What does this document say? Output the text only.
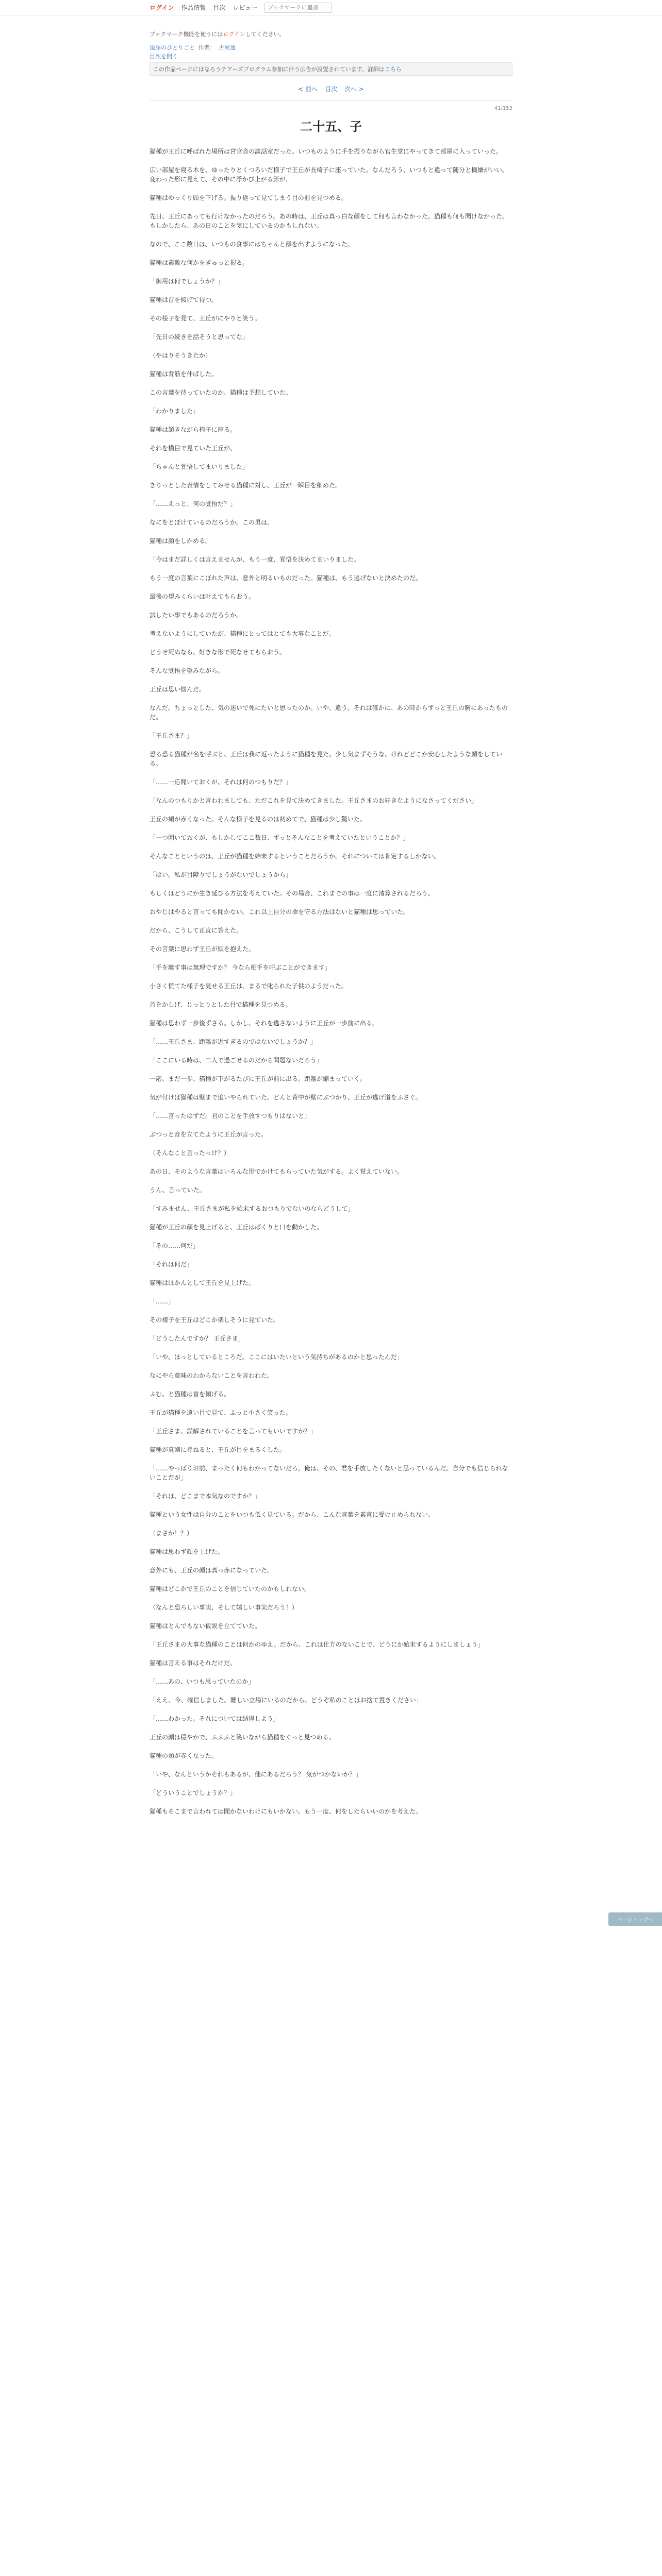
ログイン 作品情報 目次 レビュー
ブックマークに追加
ブックマーク機能を使うにはログインしてください。
退屈のひとりごと 作者： 古河透
目次を開く
この作品ページにはなろうチアーズプログラム参加に伴う広告が設置されています。詳細はこちら
< 前へ 目次 次へ >
41/153
二十五、子

猫種が王丘に呼ばれた場所は宮官舎の談話室だった。いつものように手を振りながら官生堂にやってきて部屋に入っていった。

広い部屋を寝る木を、ゆったりとくつろいだ様子で王丘が長椅子に座っていた。なんだろう、いつもと違って随分と機嫌がいい。変わった形に見えて、その中に浮かび上がる影が、

猫種はゆっくり頭を下げる。振り返って見てしまう目の前を見つめる。

先日、王丘にあっても行けなかったのだろう。あの時は、王丘は真っ白な顔をして何も言わなかった。猫種も何も聞けなかった。もしかしたら、あの日のことを気にしているのかもしれない。

なので、ここ数日は、いつもの食事にはちゃんと顔を出すようになった。

猫種は素敵な何かをぎゅっと握る。

「御用は何でしょうか？」

猫種は首を傾げて待つ。

その様子を見て、王丘がにやりと笑う。

「先日の続きを話そうと思ってな」

（やはりそうきたか）

猫種は背筋を伸ばした。

この言葉を待っていたのか、猫種は予想していた。

「わかりました」

猫種は頷きながら椅子に座る。

それを横目で見ていた王丘が、

「ちゃんと覚悟してまいりました」

きりっとした表情をしてみせる猫種に対し、王丘が一瞬目を細めた。

「……えっと、何の覚悟だ？」

なにをとぼけているのだろうか。この男は。

猫種は顔をしかめる。

「今はまだ詳しくは言えませんが、もう一度、覚悟を決めてまいりました。

もう一度の言葉にこぼれた声は、意外と明るいものだった。猫種は、もう逃げないと決めたのだ。

最後の望みくらいは叶えてもらおう。

試したい事でもあるのだろうか。

考えないようにしていたが、猫種にとってはとても大事なことだ。

どうせ死ぬなら、好きな形で死なせてもらおう。

そんな覚悟を望みながら。

王丘は思い悩んだ。

なんだ。ちょっとした、気の迷いで死にたいと思ったのか。いや、違う。それは確かに、あの時からずっと王丘の胸にあったものだ。

「王丘さま？」

恐る恐る猫種が名を呼ぶと、王丘は我に返ったように猫種を見た。少し気まずそうな、けれどどこか安心したような顔をしている。

「……一応聞いておくが、それは何のつもりだ？」

「なんのつもりかと言われましても、ただこれを見て決めてきました。王丘さまのお好きなようになさってください」

王丘の頬が赤くなった。そんな様子を見るのは初めてで、猫種は少し驚いた。

「一つ聞いておくが、もしかしてここ数日、ずっとそんなことを考えていたということか？」

そんなことというのは、王丘が猫種を始末するということだろうか。それについては肯定するしかない。

「はい。私が目障りでしょうがないでしょうから」

もしくはどうにか生き延びる方法を考えていた。その場合、これまでの事は一度に清算されるだろう。

おやじはやると言っても聞かない。これ以上自分の命を守る方法はないと猫種は思っていた。

だから、こうして正直に答えた。

その言葉に思わず王丘が頭を抱えた。

「手を離す事は無理ですか？ 今なら相手を呼ぶことができます」

小さく慌てた様子を見せる王丘は、まるで叱られた子供のようだった。

首をかしげ、じっとりとした目で猫種を見つめる。

猫種は思わず一歩後ずさる。しかし、それを逃さないように王丘が一歩前に出る。

「……王丘さま、距離が近すぎるのではないでしょうか？」

「ここにいる時は、二人で過ごせるのだから問題ないだろう」

一応、まだ一歩、猫種が下がるたびに王丘が前に出る。距離が縮まっていく。

気が付けば猫種は壁まで追いやられていた。どんと背中が壁にぶつかり、王丘が逃げ道をふさぐ。

「……言ったはずだ。君のことを手放すつもりはないと」

ぶつっと音を立てたように王丘が言った。

（そんなこと言ったっけ？）

あの日、そのような言葉はいろんな形でかけてもらっていた気がする。よく覚えていない。

うん、言っていた。

「すみません、王丘さまが私を始末するおつもりでないのならどうして」

猫種が王丘の顔を見上げると、王丘はぱくりと口を動かした。

「その……何だ」

「それは何だ」

猫種はぽかんとして王丘を見上げた。

「……」

その様子を王丘はどこか楽しそうに見ていた。

「どうしたんですか？ 王丘さま」

「いや、ほっとしているところだ。ここにはいたいという気持ちがあるのかと思ったんだ」

なにやら意味のわからないことを言われた。

ふむ。と猫種は首を傾げる。

王丘が猫種を遠い目で見て、ふっと小さく笑った。

「王丘さま、誤解されていることを言ってもいいですか？」

猫種が真剣に尋ねると、王丘が目をまるくした。

「……やっぱりお前、まったく何もわかってないだろ。俺は、その、君を手放したくないと思っているんだ。自分でも信じられないことだが」

「それは、どこまで本気なのですか？」

猫種という女性は自分のことをいつも低く見ている。だから、こんな言葉を素直に受け止められない。

（まさか！？）

猫種は思わず顔を上げた。

意外にも、王丘の顔は真っ赤になっていた。

猫種はどこかで王丘のことを信じていたのかもしれない。

（なんと恐ろしい事実、そして嬉しい事実だろう！）

猫種はとんでもない仮説を立てていた。

「王丘さまの大事な猫種のことは何かのゆえ。だから、これは仕方のないことで、どうにか始末するようにしましょう」

猫種は言える事はそれだけだ。

「……あの、いつも思っていたのか」

「ええ、今、確信しました。難しい立場にいるのだから、どうぞ私のことはお捨て置きください」

「……わかった。それについては納得しよう」

王丘の顔は穏やかで、ふふふと笑いながら猫種をぐっと見つめる。

猫種の頬が赤くなった。

「いや、なんというかそれもあるが、他にあるだろう？ 気がつかないか？」

「どういうことでしょうか？」

猫種もそこまで言われては聞かないわけにもいかない。もう一度、何をしたらいいのかを考えた。

ページトップへ
